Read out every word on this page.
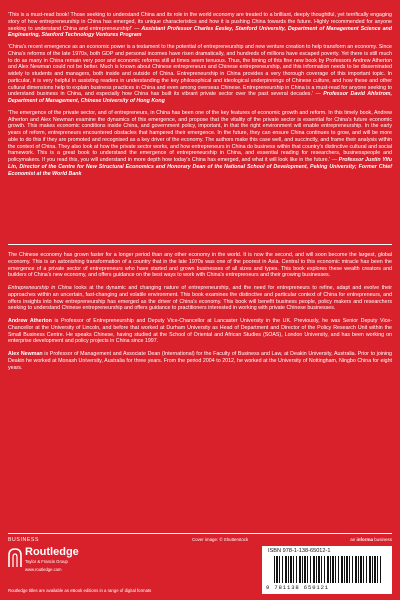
'This is a must-read book! Those seeking to understand China and its role in the world economy are treated to a brilliant, deeply thoughtful, yet terrifically engaging story of how entrepreneurship in China has emerged, its unique characteristics and how it is pushing China towards the future. Highly recommended for anyone seeking to understand China and entrepreneurship!' — Assistant Professor Charles Eesley, Stanford University, Department of Management Science and Engineering, Stanford Technology Ventures Program

'China's recent emergence as an economic power is a testament to the potential of entrepreneurship and new venture creation to help transform an economy. Since China's reforms of the late 1970s, both GDP and personal incomes have risen dramatically, and hundreds of millions have escaped poverty. Yet there is still much to do as many in China remain very poor and economic reforms still at times seem tenuous. Thus, the timing of this fine new book by Professors Andrew Atherton and Alex Newman could not be better. Much is known about Chinese entrepreneurs and Chinese entrepreneurship, and this information needs to be disseminated widely to students and managers, both inside and outside of China. Entrepreneurship in China provides a very thorough coverage of this important topic. In particular, it is very helpful in assisting readers in understanding the key philosophical and ideological underpinnings of Chinese culture, and how these and other cultural dimensions help to explain business practices in China and even among overseas Chinese. Entrepreneurship in China is a must-read for anyone seeking to understand business in China, and especially how China has built its vibrant private sector over the past several decades.' — Professor David Ahlstrom, Department of Management, Chinese University of Hong Kong

'The emergence of the private sector, and of entrepreneurs, in China has been one of the key features of economic growth and reform. In this timely book, Andrew Atherton and Alex Newman examine the dynamics of this emergence, and propose that the vitality of the private sector is essential for China's future economic growth. This makes economic conditions inside China, and government policy, important, in that the right environment will enable entrepreneurship. In the early years of reform, entrepreneurs encountered obstacles that hampered their emergence. In the future, they can ensure China continues to grow, and will be more able to do this if they are promoted and recognised as a key driver of the economy. The authors make this case well, and succinctly, and frame their analysis within the context of China. They also look at how the private sector works, and how entrepreneurs in China do business within that country's distinctive cultural and social framework. This is a great book to understand the emergence of entrepreneurship in China, and essential reading for researchers, businesspeople and policymakers. If you read this, you will understand in more depth how today's China has emerged, and what it will look like in the future.' — Professor Justin Yifu Lin, Director of the Centre for New Structural Economics and Honorary Dean of the National School of Development, Peking University; Former Chief Economist at the World Bank

The Chinese economy has grown faster for a longer period than any other economy in the world. It is now the second, and will soon become the largest, global economy. This is an astonishing transformation of a country that in the late 1970s was one of the poorest in Asia. Central to this economic miracle has been the emergence of a private sector of entrepreneurs who have started and grown businesses of all sizes and types. This book explores these wealth creators and builders of China's new economy, and offers guidance on the best ways to work with China's entrepreneurs and their growing businesses.

Entrepreneurship in China looks at the dynamic and changing nature of entrepreneurship, and the need for entrepreneurs to refine, adapt and evolve their approaches within an uncertain, fast-changing and volatile environment. This book examines the distinctive and particular context of China for entrepreneurs, and offers insights into how entrepreneurship has emerged as the driver of China's economy. This book will benefit business people, policy makers and researchers seeking to understand Chinese entrepreneurship and offers guidance to practitioners interested in working with private Chinese businesses.

Andrew Atherton is Professor of Entrepreneurship and Deputy Vice-Chancellor at Lancaster University in the UK. Previously, he was Senior Deputy Vice-Chancellor at the University of Lincoln, and before that worked at Durham University as Head of Department and Director of the Policy Research Unit within the Small Business Centre. He speaks Chinese, having studied at the School of Oriental and African Studies (SOAS), London University, and has been working on enterprise development and policy projects in China since 1997.

Alex Newman is Professor of Management and Associate Dean (International) for the Faculty of Business and Law, at Deakin University, Australia. Prior to joining Deakin he worked at Monash University, Australia for three years. From the period 2004 to 2012, he worked at the University of Nottingham, Ningbo China for eight years.

BUSINESS
Routledge
Taylor & Francis Group
www.routledge.com
Cover image: © Shutterstock	an informa business
ISBN 978-1-138-65012-1
9 781138 650121
Routledge titles are available as eBook editions in a range of digital formats
